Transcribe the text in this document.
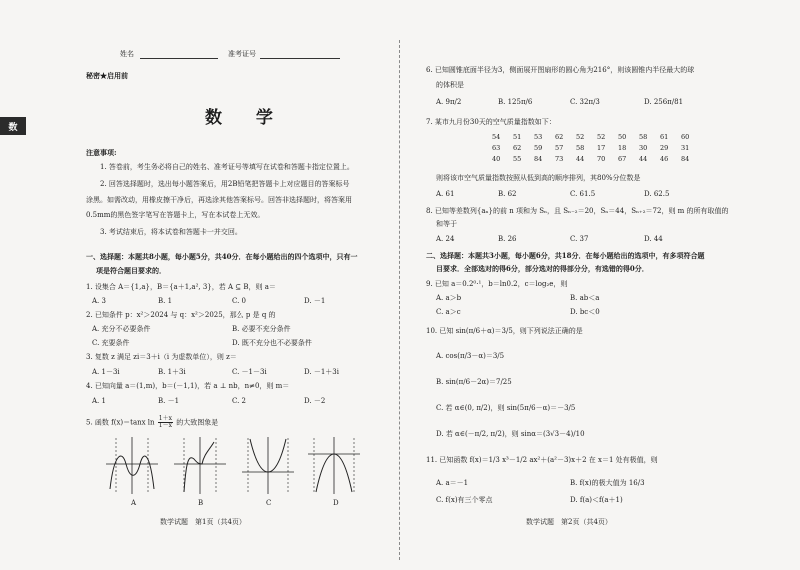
数
姓名	准考证号
秘密★启用前
数 学
注意事项:
1. 答卷前，考生务必将自己的姓名、准考证号等填写在试卷和答题卡指定位置上。
2. 回答选择题时，选出每小题答案后，用2B铅笔把答题卡上对应题目的答案标号
涂黑。如需改动，用橡皮擦干净后，再选涂其他答案标号。回答非选择题时，将答案用
0.5mm的黑色签字笔写在答题卡上，写在本试卷上无效。
3. 考试结束后，将本试卷和答题卡一并交回。
一、选择题：本题共8小题，每小题5分，共40分．在每小题给出的四个选项中，只有一
项是符合题目要求的．
1. 设集合 A＝{1,a}，B＝{a＋1,a², 3}，若 A ⊆ B，则 a＝
A. 3	B. 1	C. 0	D. －1
2. 已知条件 p：x²＞2024 与 q：x²＞2025，那么 p 是 q 的
A. 充分不必要条件	B. 必要不充分条件
C. 充要条件	D. 既不充分也不必要条件
3. 复数 z 满足 zi＝3＋i（i 为虚数单位），则 z＝
A. 1－3i	B. 1＋3i	C. －1－3i	D. －1＋3i
4. 已知向量 a＝(1,m)，b＝(－1,1)，若 a ⊥ nb，n≠0，则 m＝
A. 1	B. －1	C. 2	D. －2
5. 函数 f(x)＝tanx $\ln \frac{1+x}{1-x}$ 的大致图象是
A	B	C	D
数学试题　第1页（共4页）
6. 已知圆锥底面半径为3，侧面展开图扇形的圆心角为216°，则该圆锥内半径最大的球
的体积是
A. 9π/2	B. 125π/6	C. 32π/3	D. 256π/81
7. 某市九月份30天的空气质量指数如下：
54 51 53 62 52 52 50 58 61 60
63 62 59 57 58 17 18 30 29 31
40 55 84 73 44 70 67 44 46 84
则将该市空气质量指数按照从低到高的顺序排列，其80%分位数是
A. 61	B. 62	C. 61.5	D. 62.5
8. 已知等差数列{aₙ}的前 n 项和为 Sₙ，且 Sₙ₋₂＝20，Sₙ＝44，Sₙ₊₂＝72，则 m 的所有取值的
和等于
A. 24	B. 26	C. 37	D. 44
二、选择题：本题共3小题，每小题6分，共18分．在每小题给出的选项中，有多项符合题
目要求．全部选对的得6分，部分选对的得部分分，有选错的得0分．
9. 已知 a＝0.2⁰·¹，b＝ln0.2，c＝log₂e，则
A. a＞b	B. ab＜a
C. a＞c	D. bc＜0
10. 已知 sin(π/6＋α)＝3/5，则下列说法正确的是
A. cos(π/3－α)＝3/5
B. sin(π/6－2α)＝7/25
C. 若 α∈(0, π/2)，则 sin(5π/6－α)＝－3/5
D. 若 α∈(－π/2, π/2)，则 sinα＝(3√3－4)/10
11. 已知函数 f(x)＝1/3 x³－1/2 ax²＋(a²－3)x＋2 在 x＝1 处有极值，则
A. a＝－1	B. f(x)的极大值为 16/3
C. f(x)有三个零点	D. f(a)＜f(a＋1)
数学试题　第2页（共4页）
